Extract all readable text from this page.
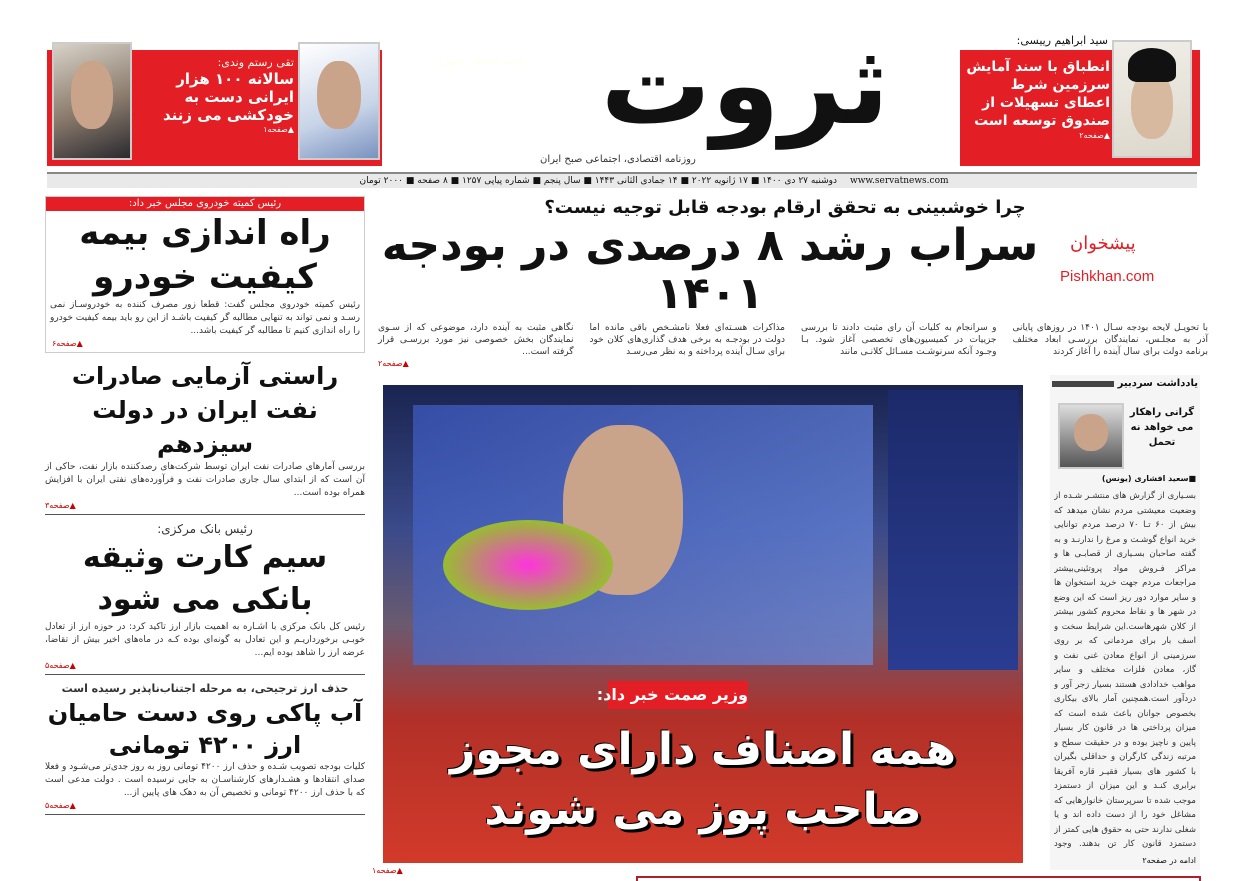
تقی رستم وندی:
سالانه ۱۰۰ هزار ایرانی دست به خودکشی می زنند
▲صفحه۱
وحید شقاقی شهری:
اقتصاد ایران برای عبور از فرسودگی ۴۰۰ میلیارد دلار سرمایه می‌خواهد
▲صفحه۴ ثروت
روزنامه اقتصادی، اجتماعی صبح ایران
سید ابراهیم رییسی:
انطباق با سند آمایش سرزمین شرط اعطای تسهیلات از صندوق توسعه است
▲صفحه۲
دوشنبه ۲۷ دی ۱۴۰۰ ■ ۱۷ ژانویه ۲۰۲۲ ■ ۱۴ جمادی الثانی ۱۴۴۳ ■ سال پنجم ■ شماره پیاپی ۱۲۵۷ ■ ۸ صفحه ■ ۲۰۰۰ تومان www.servatnews.com
چرا خوشبینی به تحقق ارقام بودجه قابل توجیه نیست؟
سراب رشد ۸ درصدی در بودجه ۱۴۰۱
پیشخوان
Pishkhan.com

با تحویـل لایحه بودجه سـال ۱۴۰۱ در روزهای پایانی آذر به مجلـس، نمایندگان بررسـی ابعاد مختلف برنامه دولت برای سال آینده را آغاز کردند

و سرانجام به کلیات آن رای مثبت دادند تا بررسی جزییات در کمیسیون‌های تخصصی آغاز شود. بـا وجـود آنکه سرنوشـت مسـائل کلانـی مانند

مذاکرات هسـته‌ای فعلا نامشـخص باقی مانده اما دولت در بودجـه به برخی هدف گذاری‌های کلان خود برای سـال آینده پرداخته و به نظر می‌رسـد

نگاهی مثبت به آینده دارد، موضوعی که از سـوی نمایندگان بخش خصوصی نیز مورد بررسـی قرار گرفته است...

▲صفحه۲
وزیر صمت خبر داد:
همه اصناف دارای مجوز
صاحب پوز می شوند
▲صفحه۱
یادداشت سردبیر
گرانی راهکار می خواهد نه تحمل
■سعید افشاری (یونس)

بسـیاری از گزارش های منتشـر شـده از وضعیت معیشتی مردم نشان میدهد که بیش از ۶۰ تـا ۷۰ درصد مردم توانایی خرید انواع گوشـت و مرغ را ندارنـد و به گفته صاحبان بسـیاری از قصابـی ها و مراکز فـروش مواد پروتئینی‌بیشتر مراجعات مردم جهت خرید استخوان ها و سایر موارد دور ریز است که این وضع در شهر ها و نقاط محروم کشور بیشتر از کلان شهرهاست.این شرایط سخت و اسف بار برای مردمانی که بر روی سرزمینی از انواع معادن غنی نفت و گاز، معادن فلزات مختلف و سایر مواهب خدادادی هستند بسیار زجر آور و دردآور است.همچنین آمار بالای بیکاری بخصوص جوانان باعث شده است که میزان پرداختی ها در قانون کار بسیار پایین و ناچیز بوده و در حقیقت سطح و مرتبه زندگی کارگران و حداقلی بگیران با کشور های بسیار فقیـر قاره آفریقا برابری کنـد و این میزان از دستمزد موجب شده تا سرپرستان خانوارهایی که مشاغل خود را از دست داده اند و یا شغلی ندارند حتی به حقوق هایی کمتر از دستمزد قانون کار تن بدهند. وجود

ادامه در صفحه۲
رئیس کمیته خودروی مجلس خبر داد:
راه اندازی بیمه کیفیت خودرو

رئیس کمیته خودروی مجلس گفت: قطعا زور مصرف کننده به خودروسـاز نمی رسـد و نمی تواند به تنهایی مطالبه گر کیفیت باشـد از این رو باید بیمه کیفیت خودرو را راه اندازی کنیم تا مطالبه گر کیفیت باشد...

▲صفحه۶
راستی آزمایی صادرات نفت ایران در دولت سیزدهم

بررسی آمارهای صادرات نفت ایران توسط شرکت‌های رصدکننده بازار نفت، حاکی از آن است که از ابتدای سال جاری صادرات نفت و فرآورده‌های نفتی ایران با افزایش همراه بوده است...

▲صفحه۳
رئیس بانک مرکزی:
سیم کارت وثیقه بانکی می شود

رئیس کل بانک مرکزی با اشـاره به اهمیت بازار ارز تاکید کرد: در حوزه ارز از تعادل خوبـی برخورداریـم و این تعادل به گونه‌ای بوده کـه در ماه‌های اخیر بیش از تقاضا، عرضه ارز را شاهد بوده ایم...

▲صفحه۵
حذف ارز ترجیحی، به مرحله اجتناب‌ناپذیر رسیده است
آب پاکی روی دست حامیان ارز ۴۲۰۰ تومانی

کلیات بودجه تصویب شـده و حذف ارز ۴۲۰۰ تومانی روز به روز جدی‌تر می‌شـود و فعلا صدای انتقادها و هشـدارهای کارشناسـان به جایی نرسیده است . دولت مدعی است که با حذف ارز ۴۲۰۰ تومانی و تخصیص آن به دهک های پایین از...

▲صفحه۵
